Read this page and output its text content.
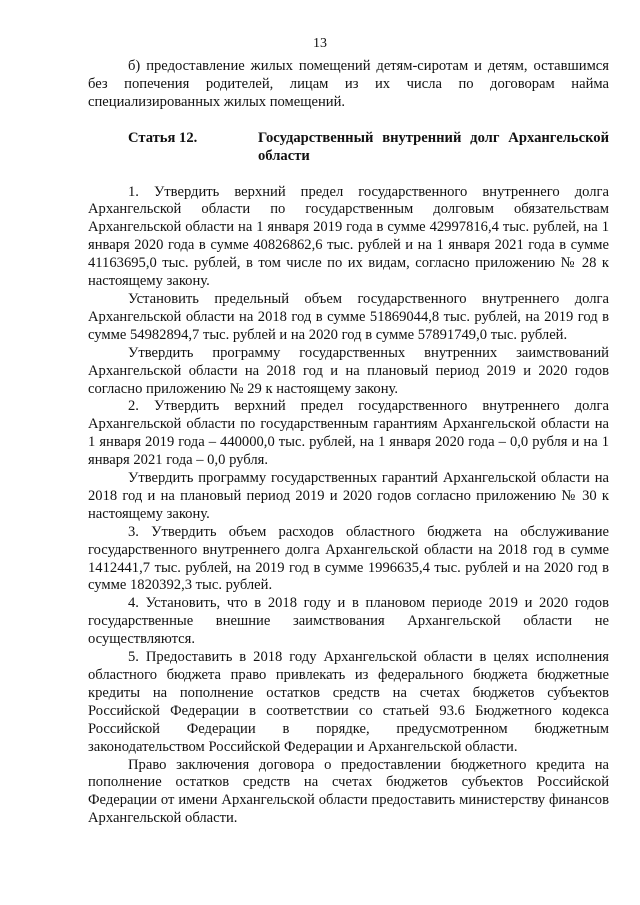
13

б) предоставление жилых помещений детям-сиротам и детям, оставшимся без попечения родителей, лицам из их числа по договорам найма специализированных жилых помещений.

Статья 12.	Государственный внутренний долг Архангельской области

1. Утвердить верхний предел государственного внутреннего долга Архангельской области по государственным долговым обязательствам Архангельской области на 1 января 2019 года в сумме 42997816,4 тыс. рублей, на 1 января 2020 года в сумме 40826862,6 тыс. рублей и на 1 января 2021 года в сумме 41163695,0 тыс. рублей, в том числе по их видам, согласно приложению № 28 к настоящему закону.

Установить предельный объем государственного внутреннего долга Архангельской области на 2018 год в сумме 51869044,8 тыс. рублей, на 2019 год в сумме 54982894,7 тыс. рублей и на 2020 год в сумме 57891749,0 тыс. рублей.

Утвердить программу государственных внутренних заимствований Архангельской области на 2018 год и на плановый период 2019 и 2020 годов согласно приложению № 29 к настоящему закону.

2. Утвердить верхний предел государственного внутреннего долга Архангельской области по государственным гарантиям Архангельской области на 1 января 2019 года – 440000,0 тыс. рублей, на 1 января 2020 года – 0,0 рубля и на 1 января 2021 года – 0,0 рубля.

Утвердить программу государственных гарантий Архангельской области на 2018 год и на плановый период 2019 и 2020 годов согласно приложению № 30 к настоящему закону.

3. Утвердить объем расходов областного бюджета на обслуживание государственного внутреннего долга Архангельской области на 2018 год в сумме 1412441,7 тыс. рублей, на 2019 год в сумме 1996635,4 тыс. рублей и на 2020 год в сумме 1820392,3 тыс. рублей.

4. Установить, что в 2018 году и в плановом периоде 2019 и 2020 годов государственные внешние заимствования Архангельской области не осуществляются.

5. Предоставить в 2018 году Архангельской области в целях исполнения областного бюджета право привлекать из федерального бюджета бюджетные кредиты на пополнение остатков средств на счетах бюджетов субъектов Российской Федерации в соответствии со статьей 93.6 Бюджетного кодекса Российской Федерации в порядке, предусмотренном бюджетным законодательством Российской Федерации и Архангельской области.

Право заключения договора о предоставлении бюджетного кредита на пополнение остатков средств на счетах бюджетов субъектов Российской Федерации от имени Архангельской области предоставить министерству финансов Архангельской области.
